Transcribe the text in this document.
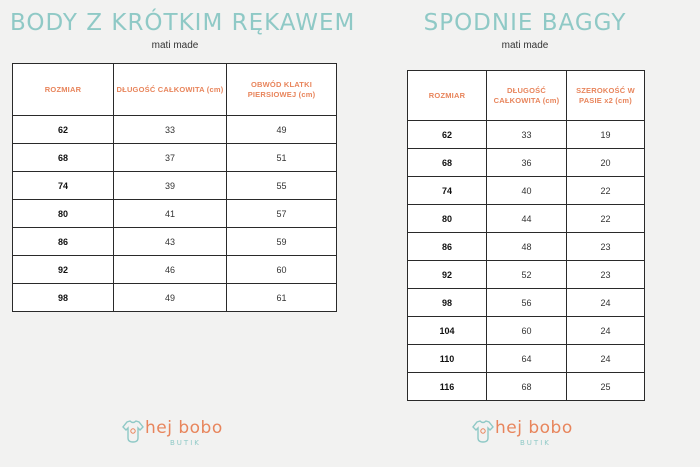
BODY Z KRÓTKIM RĘKAWEM
mati made
ROZMIAR	DŁUGOŚĆ CAŁKOWITA (cm)	OBWÓD KLATKI PIERSIOWEJ (cm)
62	33	49
68	37	51
74	39	55
80	41	57
86	43	59
92	46	60
98	49	61
SPODNIE BAGGY
mati made
ROZMIAR	DŁUGOŚĆ CAŁKOWITA (cm)	SZEROKOŚĆ W PASIE x2 (cm)
62	33	19
68	36	20
74	40	22
80	44	22
86	48	23
92	52	23
98	56	24
104	60	24
110	64	24
116	68	25
hej bobo
BUTIK
hej bobo
BUTIK
